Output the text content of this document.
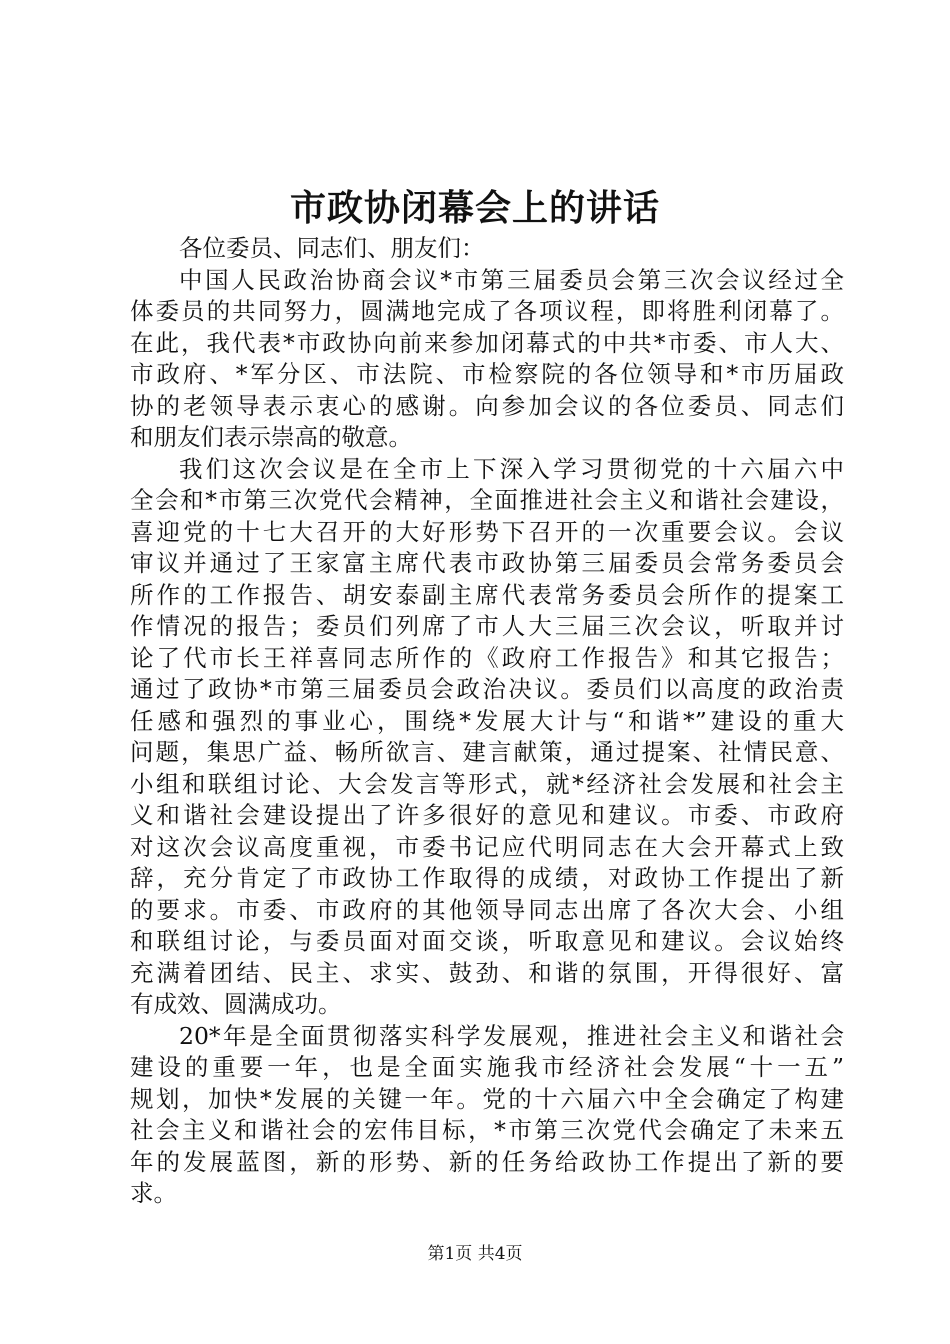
市政协闭幕会上的讲话
各位委员、同志们、朋友们：
中国人民政治协商会议*市第三届委员会第三次会议经过全
体委员的共同努力，圆满地完成了各项议程，即将胜利闭幕了。
在此，我代表*市政协向前来参加闭幕式的中共*市委、市人大、
市政府、*军分区、市法院、市检察院的各位领导和*市历届政
协的老领导表示衷心的感谢。向参加会议的各位委员、同志们
和朋友们表示崇高的敬意。
我们这次会议是在全市上下深入学习贯彻党的十六届六中
全会和*市第三次党代会精神，全面推进社会主义和谐社会建设，
喜迎党的十七大召开的大好形势下召开的一次重要会议。会议
审议并通过了王家富主席代表市政协第三届委员会常务委员会
所作的工作报告、胡安泰副主席代表常务委员会所作的提案工
作情况的报告；委员们列席了市人大三届三次会议，听取并讨
论了代市长王祥喜同志所作的《政府工作报告》和其它报告；
通过了政协*市第三届委员会政治决议。委员们以高度的政治责
任感和强烈的事业心，围绕*发展大计与“和谐*”建设的重大
问题，集思广益、畅所欲言、建言献策，通过提案、社情民意、
小组和联组讨论、大会发言等形式，就*经济社会发展和社会主
义和谐社会建设提出了许多很好的意见和建议。市委、市政府
对这次会议高度重视，市委书记应代明同志在大会开幕式上致
辞，充分肯定了市政协工作取得的成绩，对政协工作提出了新
的要求。市委、市政府的其他领导同志出席了各次大会、小组
和联组讨论，与委员面对面交谈，听取意见和建议。会议始终
充满着团结、民主、求实、鼓劲、和谐的氛围，开得很好、富
有成效、圆满成功。
20*年是全面贯彻落实科学发展观，推进社会主义和谐社会
建设的重要一年，也是全面实施我市经济社会发展“十一五”
规划，加快*发展的关键一年。党的十六届六中全会确定了构建
社会主义和谐社会的宏伟目标，*市第三次党代会确定了未来五
年的发展蓝图，新的形势、新的任务给政协工作提出了新的要
求。
第1页 共4页
